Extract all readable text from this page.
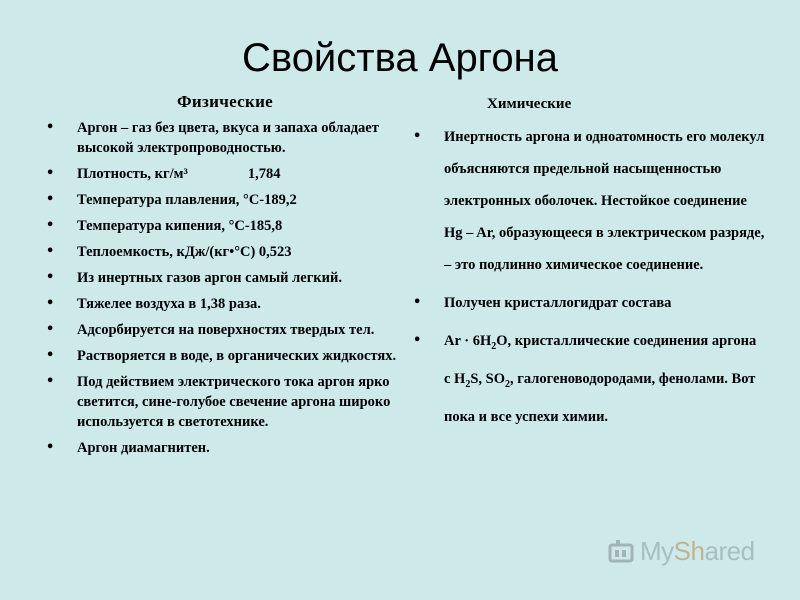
Свойства Аргона
Физические
• Аргон – газ без цвета, вкуса и запаха обладает высокой электропроводностью.
• Плотность, кг/м³	1,784
• Температура плавления, °С-189,2
• Температура кипения, °С-185,8
• Теплоемкость, кДж/(кг•°С) 0,523
• Из инертных газов аргон самый легкий.
• Тяжелее воздуха в 1,38 раза.
• Адсорбируется на поверхностях твердых тел.
• Растворяется в воде, в органических жидкостях.
• Под действием электрического тока аргон ярко светится, сине-голубое свечение аргона широко используется в светотехнике.
• Аргон диамагнитен.
Химические
• Инертность аргона и одноатомность его молекул объясняются предельной насыщенностью электронных оболочек. Нестойкое соединение Hg – Ar, образующееся в электрическом разряде, – это подлинно химическое соединение.
• Получен кристаллогидрат состава
• $Ar \cdot 6H_2O$, кристаллические соединения аргона с $H_2S$, $SO_2$, галогеноводородами, фенолами. Вот пока и все успехи химии.
MyShared
